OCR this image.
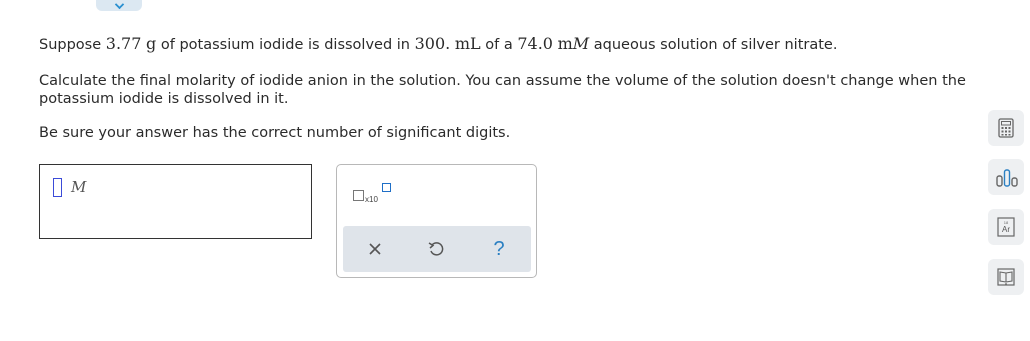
Suppose 3.77 g of potassium iodide is dissolved in 300. mL of a 74.0 mM aqueous solution of silver nitrate.

Calculate the final molarity of iodide anion in the solution. You can assume the volume of the solution doesn't change when the potassium iodide is dissolved in it.

Be sure your answer has the correct number of significant digits.

M
x10
?
18
Ar
